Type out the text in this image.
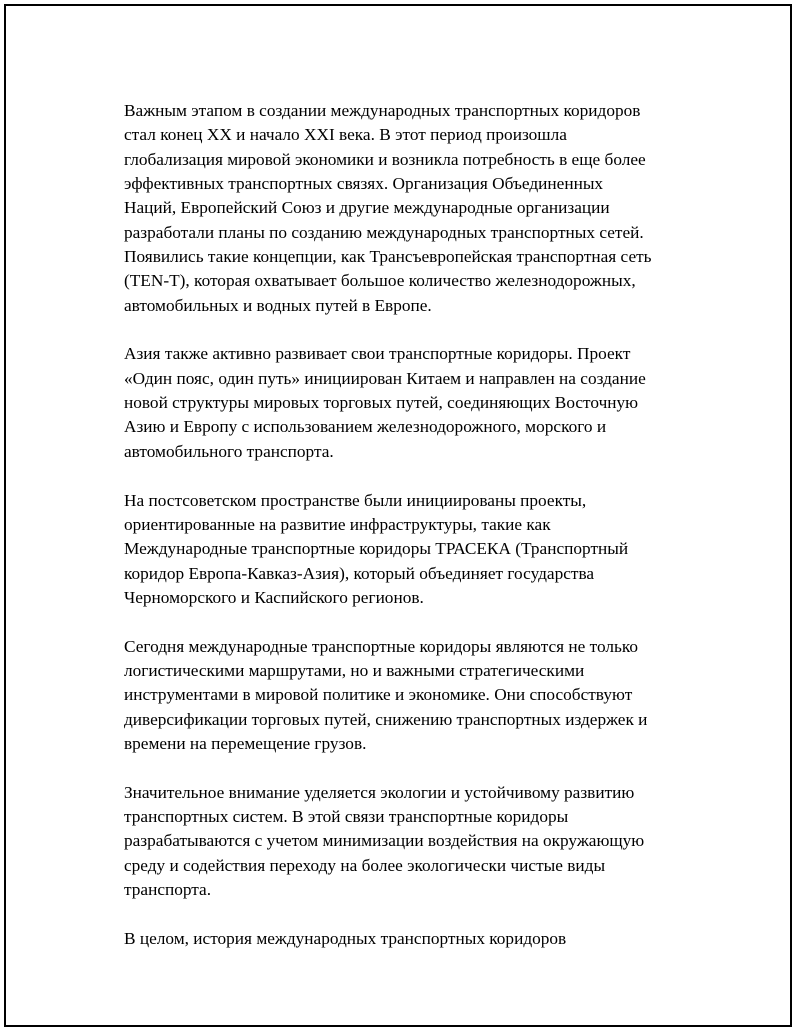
Важным этапом в создании международных транспортных коридоров
стал конец XX и начало XXI века. В этот период произошла
глобализация мировой экономики и возникла потребность в еще более
эффективных транспортных связях. Организация Объединенных
Наций, Европейский Союз и другие международные организации
разработали планы по созданию международных транспортных сетей.
Появились такие концепции, как Трансъевропейская транспортная сеть
(TEN-T), которая охватывает большое количество железнодорожных,
автомобильных и водных путей в Европе.

Азия также активно развивает свои транспортные коридоры. Проект
«Один пояс, один путь» инициирован Китаем и направлен на создание
новой структуры мировых торговых путей, соединяющих Восточную
Азию и Европу с использованием железнодорожного, морского и
автомобильного транспорта.

На постсоветском пространстве были инициированы проекты,
ориентированные на развитие инфраструктуры, такие как
Международные транспортные коридоры ТРАСЕКА (Транспортный
коридор Европа-Кавказ-Азия), который объединяет государства
Черноморского и Каспийского регионов.

Сегодня международные транспортные коридоры являются не только
логистическими маршрутами, но и важными стратегическими
инструментами в мировой политике и экономике. Они способствуют
диверсификации торговых путей, снижению транспортных издержек и
времени на перемещение грузов.

Значительное внимание уделяется экологии и устойчивому развитию
транспортных систем. В этой связи транспортные коридоры
разрабатываются с учетом минимизации воздействия на окружающую
среду и содействия переходу на более экологически чистые виды
транспорта.

В целом, история международных транспортных коридоров
